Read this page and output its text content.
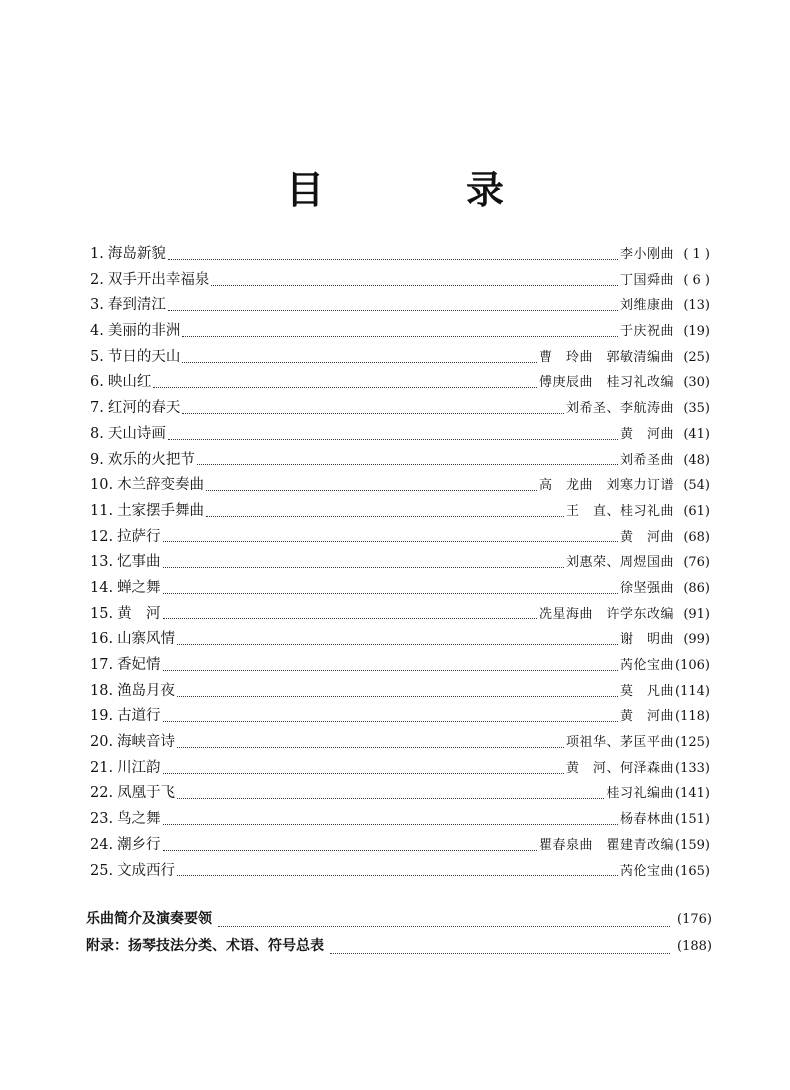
目　录
1. 海岛新貌	李小刚曲 ( 1 )
2. 双手开出幸福泉	丁国舜曲 ( 6 )
3. 春到清江	刘维康曲 (13)
4. 美丽的非洲	于庆祝曲 (19)
5. 节日的天山	曹　玲曲　郭敏清编曲 (25)
6. 映山红	傅庚辰曲　桂习礼改编 (30)
7. 红河的春天	刘希圣、李航涛曲 (35)
8. 天山诗画	黄　河曲 (41)
9. 欢乐的火把节	刘希圣曲 (48)
10. 木兰辞变奏曲	高　龙曲　刘寒力订谱 (54)
11. 土家摆手舞曲	王　直、桂习礼曲 (61)
12. 拉萨行	黄　河曲 (68)
13. 忆事曲	刘惠荣、周煜国曲 (76)
14. 蝉之舞	徐坚强曲 (86)
15. 黄　河	冼星海曲　许学东改编 (91)
16. 山寨风情	谢　明曲 (99)
17. 香妃情	芮伦宝曲 (106)
18. 渔岛月夜	莫　凡曲 (114)
19. 古道行	黄　河曲 (118)
20. 海峡音诗	项祖华、茅匡平曲 (125)
21. 川江韵	黄　河、何泽森曲 (133)
22. 凤凰于飞	桂习礼编曲 (141)
23. 鸟之舞	杨春林曲 (151)
24. 潮乡行	瞿春泉曲　瞿建青改编 (159)
25. 文成西行	芮伦宝曲 (165)
乐曲简介及演奏要领	(176)
附录：扬琴技法分类、术语、符号总表	(188)
